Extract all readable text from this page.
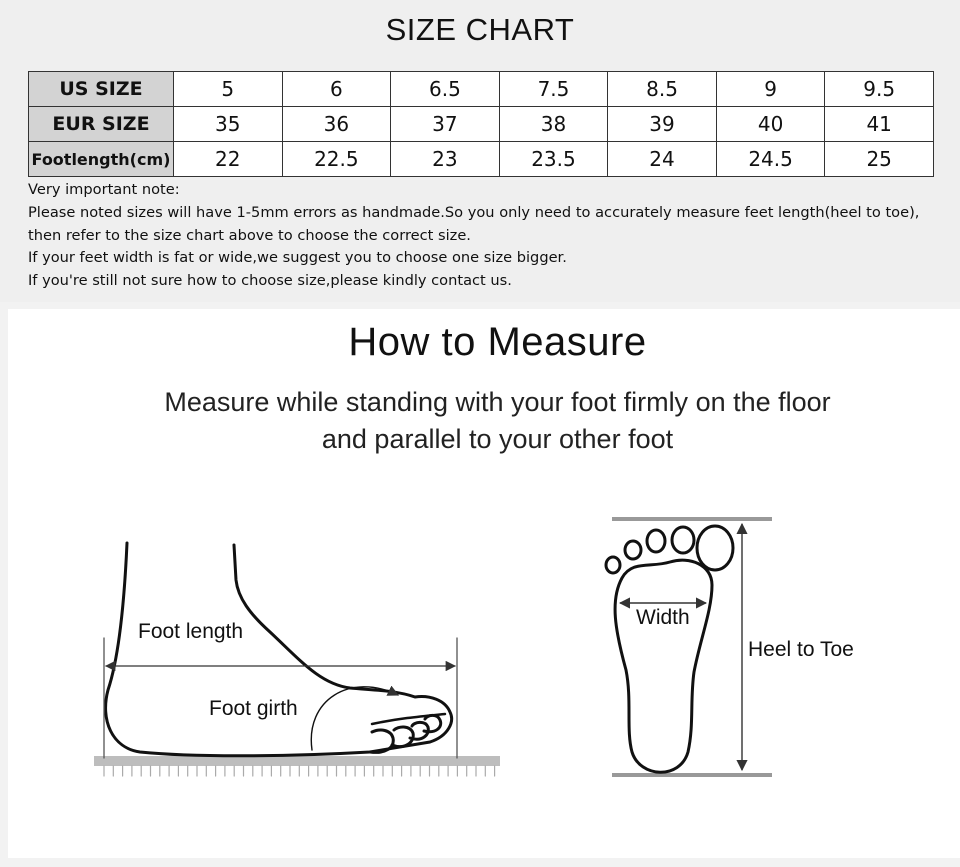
SIZE CHART
US SIZE	5	6	6.5	7.5	8.5	9	9.5
EUR SIZE	35	36	37	38	39	40	41
Footlength(cm)	22	22.5	23	23.5	24	24.5	25
Very important note:
Please noted sizes will have 1-5mm errors as handmade.So you only need to accurately measure feet length(heel to toe),
then refer to the size chart above to choose the correct size.
If your feet width is fat or wide,we suggest you to choose one size bigger.
If you're still not sure how to choose size,please kindly contact us.
How to Measure
Measure while standing with your foot firmly on the floor
and parallel to your other foot
Foot length
Foot girth
Width
Heel to Toe
